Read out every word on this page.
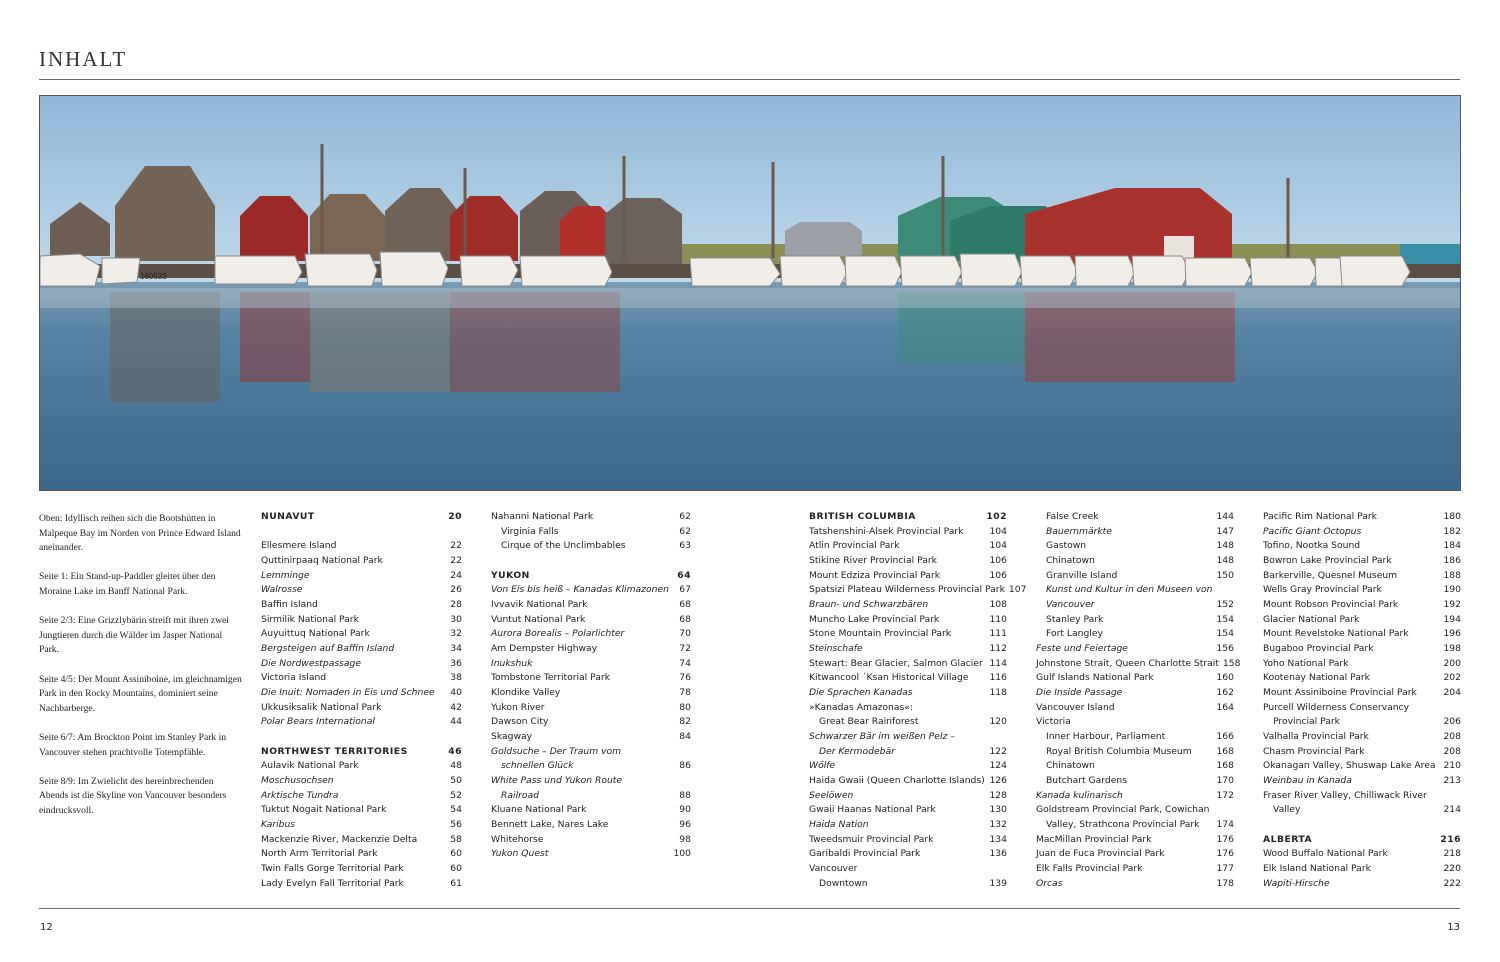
INHALT
160533

Oben: Idyllisch reihen sich die Bootshütten in Malpeque Bay im Norden von Prince Edward Island aneinander.

Seite 1: Ein Stand-up-Paddler gleitet über den Moraine Lake im Banff National Park.

Seite 2/3: Eine Grizzlybärin streift mit ihren zwei Jungtieren durch die Wälder im Jasper National Park.

Seite 4/5: Der Mount Assiniboine, im gleichnamigen Park in den Rocky Mountains, dominiert seine Nachbarberge.

Seite 6/7: Am Brockton Point im Stanley Park in Vancouver stehen prachtvolle Totempfähle.

Seite 8/9: Im Zwielicht des hereinbrechenden Abends ist die Skyline von Vancouver besonders eindrucksvoll.

NUNAVUT	20
Ellesmere Island	22
Quttinirpaaq National Park	22
Lemminge	24
Walrosse	26
Baffin Island	28
Sirmilik National Park	30
Auyuittuq National Park	32
Bergsteigen auf Baffin Island	34
Die Nordwestpassage	36
Victoria Island	38
Die Inuit: Nomaden in Eis und Schnee	40
Ukkusiksalik National Park	42
Polar Bears International	44
NORTHWEST TERRITORIES	46
Aulavik National Park	48
Moschusochsen	50
Arktische Tundra	52
Tuktut Nogait National Park	54
Karibus	56
Mackenzie River, Mackenzie Delta	58
North Arm Territorial Park	60
Twin Falls Gorge Territorial Park	60
Lady Evelyn Fall Territorial Park	61
Nahanni National Park	62
Virginia Falls	62
Cirque of the Unclimbables	63
YUKON	64
Von Eis bis heiß – Kanadas Klimazonen	67
Ivvavik National Park	68
Vuntut National Park	68
Aurora Borealis – Polarlichter	70
Am Dempster Highway	72
Inukshuk	74
Tombstone Territorial Park	76
Klondike Valley	78
Yukon River	80
Dawson City	82
Skagway	84
Goldsuche – Der Traum vom
schnellen Glück	86
White Pass und Yukon Route
Railroad	88
Kluane National Park	90
Bennett Lake, Nares Lake	96
Whitehorse	98
Yukon Quest	100
BRITISH COLUMBIA	102
Tatshenshini-Alsek Provincial Park	104
Atlin Provincial Park	104
Stikine River Provincial Park	106
Mount Edziza Provincial Park	106
Spatsizi Plateau Wilderness Provincial Park 107
Braun- und Schwarzbären	108
Muncho Lake Provincial Park	110
Stone Mountain Provincial Park	111
Steinschafe	112
Stewart: Bear Glacier, Salmon Glacier 114
Kitwancool ´Ksan Historical Village	116
Die Sprachen Kanadas	118
»Kanadas Amazonas«:
Great Bear Rainforest	120
Schwarzer Bär im weißen Pelz –
Der Kermodebär	122
Wölfe	124
Haida Gwaii (Queen Charlotte Islands) 126
Seelöwen	128
Gwaii Haanas National Park	130
Haida Nation	132
Tweedsmuir Provincial Park	134
Garibaldi Provincial Park	136
Vancouver
Downtown	139
False Creek	144
Bauernmärkte	147
Gastown	148
Chinatown	148
Granville Island	150
Kunst und Kultur in den Museen von
Vancouver	152
Stanley Park	154
Fort Langley	154
Feste und Feiertage	156
Johnstone Strait, Queen Charlotte Strait 158
Gulf Islands National Park	160
Die Inside Passage	162
Vancouver Island	164
Victoria
Inner Harbour, Parliament	166
Royal British Columbia Museum	168
Chinatown	168
Butchart Gardens	170
Kanada kulinarisch	172
Goldstream Provincial Park, Cowichan
Valley, Strathcona Provincial Park	174
MacMillan Provincial Park	176
Juan de Fuca Provincial Park	176
Elk Falls Provincial Park	177
Orcas	178
Pacific Rim National Park	180
Pacific Giant Octopus	182
Tofino, Nootka Sound	184
Bowron Lake Provincial Park	186
Barkerville, Quesnel Museum	188
Wells Gray Provincial Park	190
Mount Robson Provincial Park	192
Glacier National Park	194
Mount Revelstoke National Park	196
Bugaboo Provincial Park	198
Yoho National Park	200
Kootenay National Park	202
Mount Assiniboine Provincial Park	204
Purcell Wilderness Conservancy
Provincial Park	206
Valhalla Provincial Park	208
Chasm Provincial Park	208
Okanagan Valley, Shuswap Lake Area 210
Weinbau in Kanada	213
Fraser River Valley, Chilliwack River
Valley	214
ALBERTA	216
Wood Buffalo National Park	218
Elk Island National Park	220
Wapiti-Hirsche	222
12	13
